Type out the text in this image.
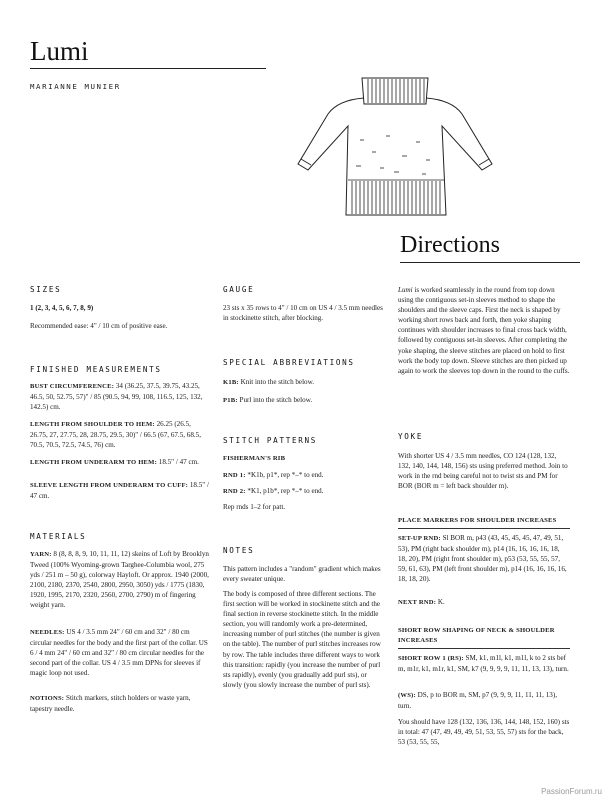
Lumi
MARIANNE MUNIER
Directions
SIZES
1 (2, 3, 4, 5, 6, 7, 8, 9)
Recommended ease: 4" / 10 cm of positive ease.
FINISHED MEASUREMENTS
BUST CIRCUMFERENCE: 34 (36.25, 37.5, 39.75, 43.25, 46.5, 50, 52.75, 57)" / 85 (90.5, 94, 99, 108, 116.5, 125, 132, 142.5) cm.
LENGTH FROM SHOULDER TO HEM: 26.25 (26.5, 26.75, 27, 27.75, 28, 28.75, 29.5, 30)" / 66.5 (67, 67.5, 68.5, 70.5, 70.5, 72.5, 74.5, 76) cm.
LENGTH FROM UNDERARM TO HEM: 18.5" / 47 cm.
SLEEVE LENGTH FROM UNDERARM TO CUFF: 18.5" / 47 cm.
MATERIALS
YARN: 8 (8, 8, 8, 9, 10, 11, 11, 12) skeins of Loft by Brooklyn Tweed (100% Wyoming-grown Targhee-Columbia wool, 275 yds / 251 m – 50 g), colorway Hayloft. Or approx. 1940 (2000, 2100, 2180, 2370, 2540, 2800, 2950, 3050) yds / 1775 (1830, 1920, 1995, 2170, 2320, 2560, 2700, 2790) m of fingering weight yarn.
NEEDLES: US 4 / 3.5 mm 24" / 60 cm and 32" / 80 cm circular needles for the body and the first part of the collar. US 6 / 4 mm 24" / 60 cm and 32" / 80 cm circular needles for the second part of the collar. US 4 / 3.5 mm DPNs for sleeves if magic loop not used.
NOTIONS: Stitch markers, stitch holders or waste yarn, tapestry needle.
GAUGE
23 sts x 35 rows to 4" / 10 cm on US 4 / 3.5 mm needles in stockinette stitch, after blocking.
SPECIAL ABBREVIATIONS
K1B: Knit into the stitch below.
P1B: Purl into the stitch below.
STITCH PATTERNS
FISHERMAN'S RIB
RND 1: *K1b, p1*, rep *–* to end.
RND 2: *K1, p1b*, rep *–* to end.
Rep rnds 1–2 for patt.
NOTES
This pattern includes a "random" gradient which makes every sweater unique.
The body is composed of three different sections. The first section will be worked in stockinette stitch and the final section in reverse stockinette stitch. In the middle section, you will randomly work a pre-determined, increasing number of purl stitches (the number is given on the table). The number of purl stitches increases row by row. The table includes three different ways to work this transition: rapidly (you increase the number of purl sts rapidly), evenly (you gradually add purl sts), or slowly (you slowly increase the number of purl sts).
Lumi is worked seamlessly in the round from top down using the contiguous set-in sleeves method to shape the shoulders and the sleeve caps. First the neck is shaped by working short rows back and forth, then yoke shaping continues with shoulder increases to final cross back width, followed by contiguous set-in sleeves. After completing the yoke shaping, the sleeve stitches are placed on hold to first work the body top down. Sleeve stitches are then picked up again to work the sleeves top down in the round to the cuffs.
YOKE
With shorter US 4 / 3.5 mm needles, CO 124 (128, 132, 132, 140, 144, 148, 156) sts using preferred method. Join to work in the rnd being careful not to twist sts and PM for BOR (BOR m = left back shoulder m).
PLACE MARKERS FOR SHOULDER INCREASES
SET-UP RND: Sl BOR m, p43 (43, 45, 45, 45, 47, 49, 51, 53), PM (right back shoulder m), p14 (16, 16, 16, 16, 18, 18, 20), PM (right front shoulder m), p53 (53, 55, 55, 57, 59, 61, 63), PM (left front shoulder m), p14 (16, 16, 16, 16, 18, 18, 20).
NEXT RND: K.
SHORT ROW SHAPING OF NECK & SHOULDER INCREASES
SHORT ROW 1 (RS): SM, k1, m1l, k1, m1l, k to 2 sts bef m, m1r, k1, m1r, k1, SM, k7 (9, 9, 9, 9, 11, 11, 13, 13), turn.
(WS): DS, p to BOR m, SM, p7 (9, 9, 9, 11, 11, 11, 13), turn.
You should have 128 (132, 136, 136, 144, 148, 152, 160) sts in total: 47 (47, 49, 49, 49, 51, 53, 55, 57) sts for the back, 53 (53, 55, 55,
PassionForum.ru
